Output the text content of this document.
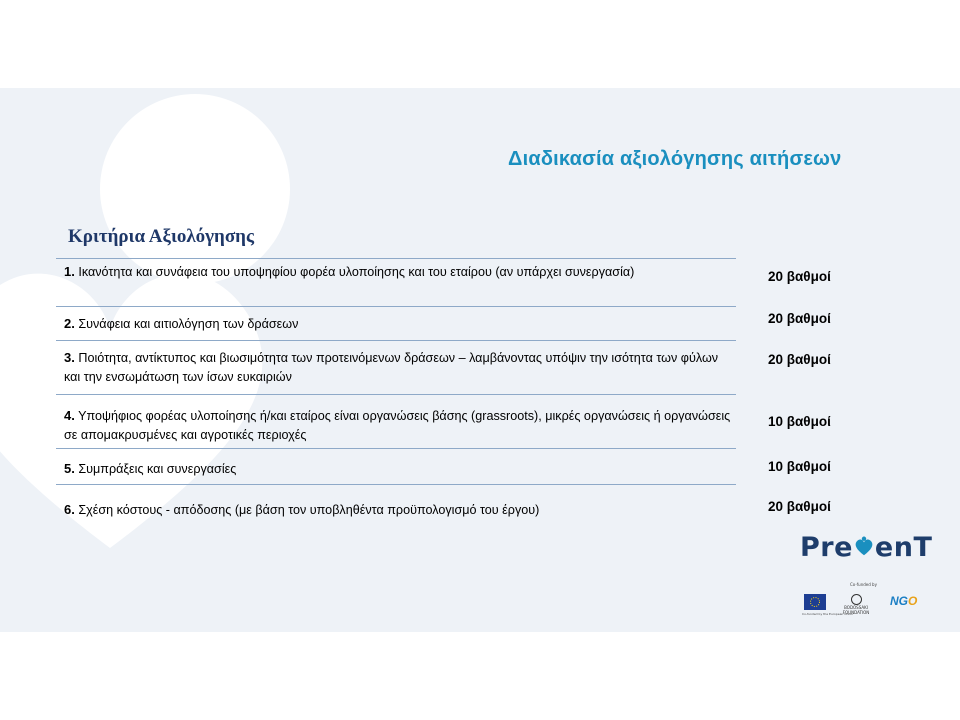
Διαδικασία αξιολόγησης αιτήσεων
Κριτήρια Αξιολόγησης
1. Ικανότητα και συνάφεια του υποψηφίου φορέα υλοποίησης και του εταίρου (αν υπάρχει συνεργασία)	20 βαθμοί
2. Συνάφεια και αιτιολόγηση των δράσεων	20 βαθμοί
3. Ποιότητα, αντίκτυπος και βιωσιμότητα των προτεινόμενων δράσεων – λαμβάνοντας υπόψιν την ισότητα των φύλων και την ενσωμάτωση των ίσων ευκαιριών
20 βαθμοί
4. Υποψήφιος φορέας υλοποίησης ή/και εταίρος είναι οργανώσεις βάσης (grassroots), μικρές οργανώσεις ή οργανώσεις σε απομακρυσμένες και αγροτικές περιοχές
10 βαθμοί
5. Συμπράξεις και συνεργασίες	10 βαθμοί
6. Σχέση κόστους - απόδοσης (με βάση τον υποβληθέντα προϋπολογισμό του έργου)	20 βαθμοί
Pre enT
Co-funded by
Co-funded by the European Union
BODOSSAKI FOUNDATION
NGO
